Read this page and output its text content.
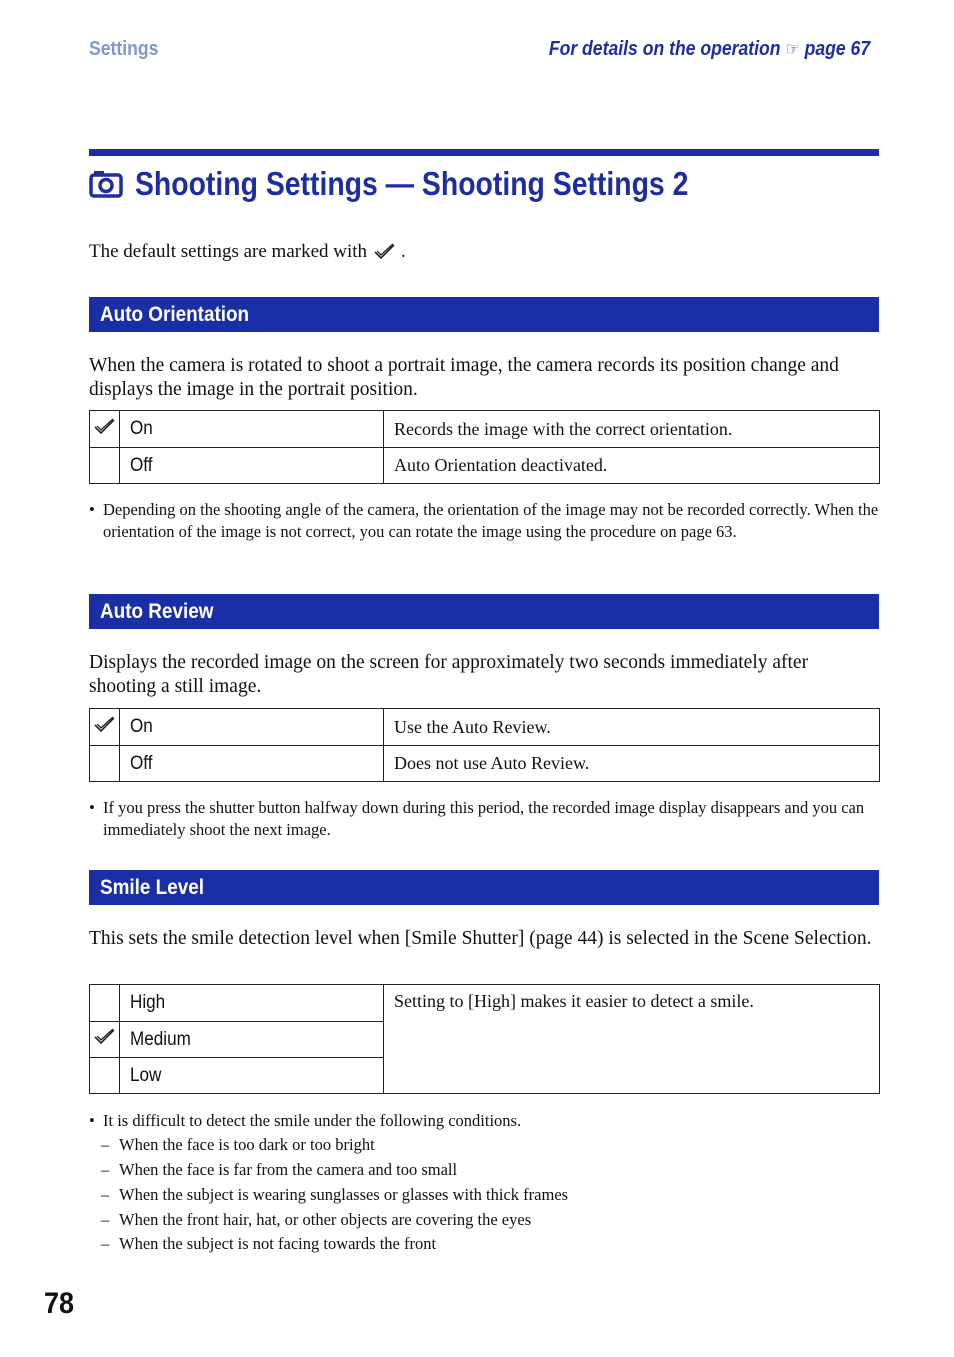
Settings	For details on the operation ☞ page 67
Shooting Settings — Shooting Settings 2
The default settings are marked with .
Auto Orientation
When the camera is rotated to shoot a portrait image, the camera records its position change and displays the image in the portrait position.
	On	Records the image with the correct orientation.
	Off	Auto Orientation deactivated.
• Depending on the shooting angle of the camera, the orientation of the image may not be recorded correctly. When the orientation of the image is not correct, you can rotate the image using the procedure on page 63.
Auto Review
Displays the recorded image on the screen for approximately two seconds immediately after shooting a still image.
	On	Use the Auto Review.
	Off	Does not use Auto Review.
• If you press the shutter button halfway down during this period, the recorded image display disappears and you can immediately shoot the next image.
Smile Level
This sets the smile detection level when [Smile Shutter] (page 44) is selected in the Scene Selection.
	High	Setting to [High] makes it easier to detect a smile.
	Medium	
	Low	
• It is difficult to detect the smile under the following conditions.
– When the face is too dark or too bright
– When the face is far from the camera and too small
– When the subject is wearing sunglasses or glasses with thick frames
– When the front hair, hat, or other objects are covering the eyes
– When the subject is not facing towards the front
78
